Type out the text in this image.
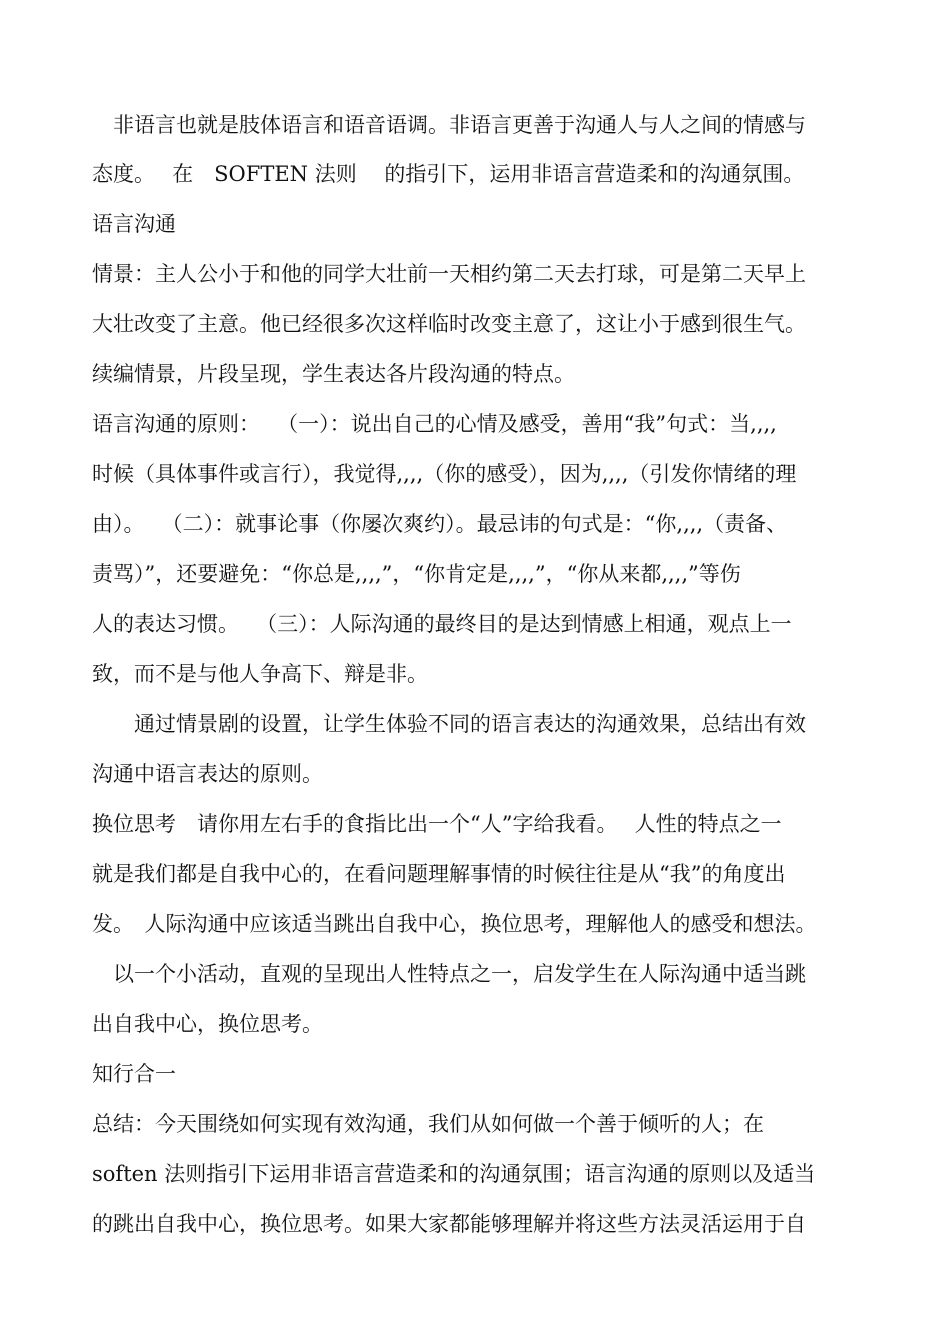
　非语言也就是肢体语言和语音语调。非语言更善于沟通人与人之间的情感与
态度。　 在　SOFTEN 法则　 的指引下，运用非语言营造柔和的沟通氛围。
语言沟通
情景：主人公小于和他的同学大壮前一天相约第二天去打球，可是第二天早上
大壮改变了主意。他已经很多次这样临时改变主意了，这让小于感到很生气。
续编情景，片段呈现，学生表达各片段沟通的特点。
语言沟通的原则：　 （一）：说出自己的心情及感受，善用“我”句式：当,,,,
时候（具体事件或言行），我觉得,,,,（你的感受），因为,,,,（引发你情绪的理
由）。　 （二）：就事论事（你屡次爽约）。最忌讳的句式是：“你,,,,（责备、
责骂）”，还要避免：“你总是,,,,”，“你肯定是,,,,”，“你从来都,,,,”等伤
人的表达习惯。　 （三）：人际沟通的最终目的是达到情感上相通，观点上一
致，而不是与他人争高下、辩是非。
　　通过情景剧的设置，让学生体验不同的语言表达的沟通效果，总结出有效
沟通中语言表达的原则。
换位思考　请你用左右手的食指比出一个“人”字给我看。　 人性的特点之一
就是我们都是自我中心的，在看问题理解事情的时候往往是从“我”的角度出
发。　人际沟通中应该适当跳出自我中心，换位思考，理解他人的感受和想法。
　以一个小活动，直观的呈现出人性特点之一，启发学生在人际沟通中适当跳
出自我中心，换位思考。
知行合一
总结：今天围绕如何实现有效沟通，我们从如何做一个善于倾听的人；在
soften 法则指引下运用非语言营造柔和的沟通氛围；语言沟通的原则以及适当
的跳出自我中心，换位思考。如果大家都能够理解并将这些方法灵活运用于自
